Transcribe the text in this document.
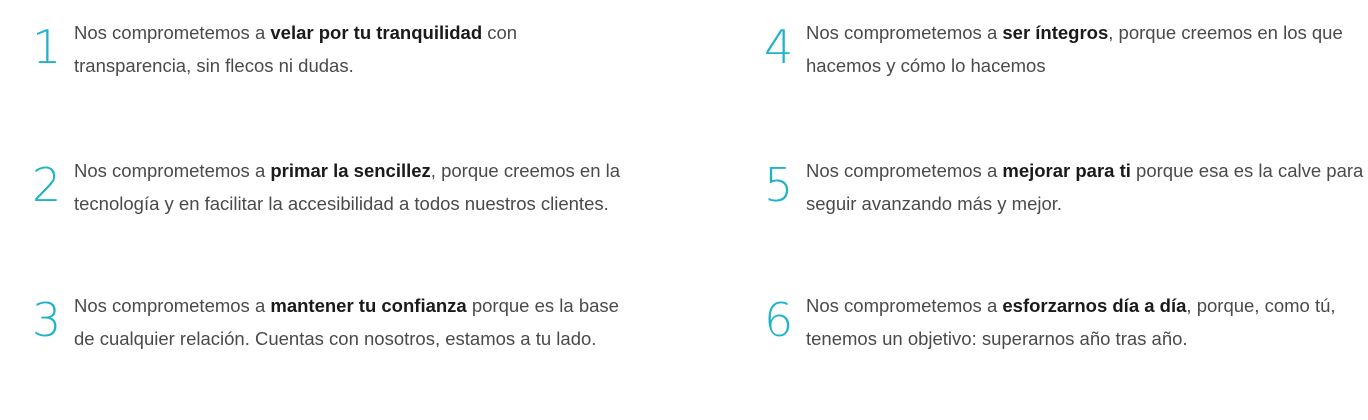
1 Nos comprometemos a velar por tu tranquilidad con transparencia, sin flecos ni dudas.
2 Nos comprometemos a primar la sencillez, porque creemos en la tecnología y en facilitar la accesibilidad a todos nuestros clientes.
3 Nos comprometemos a mantener tu confianza porque es la base de cualquier relación. Cuentas con nosotros, estamos a tu lado.
4 Nos comprometemos a ser íntegros, porque creemos en los que hacemos y cómo lo hacemos
5 Nos comprometemos a mejorar para ti porque esa es la calve para seguir avanzando más y mejor.
6 Nos comprometemos a esforzarnos día a día, porque, como tú, tenemos un objetivo: superarnos año tras año.
